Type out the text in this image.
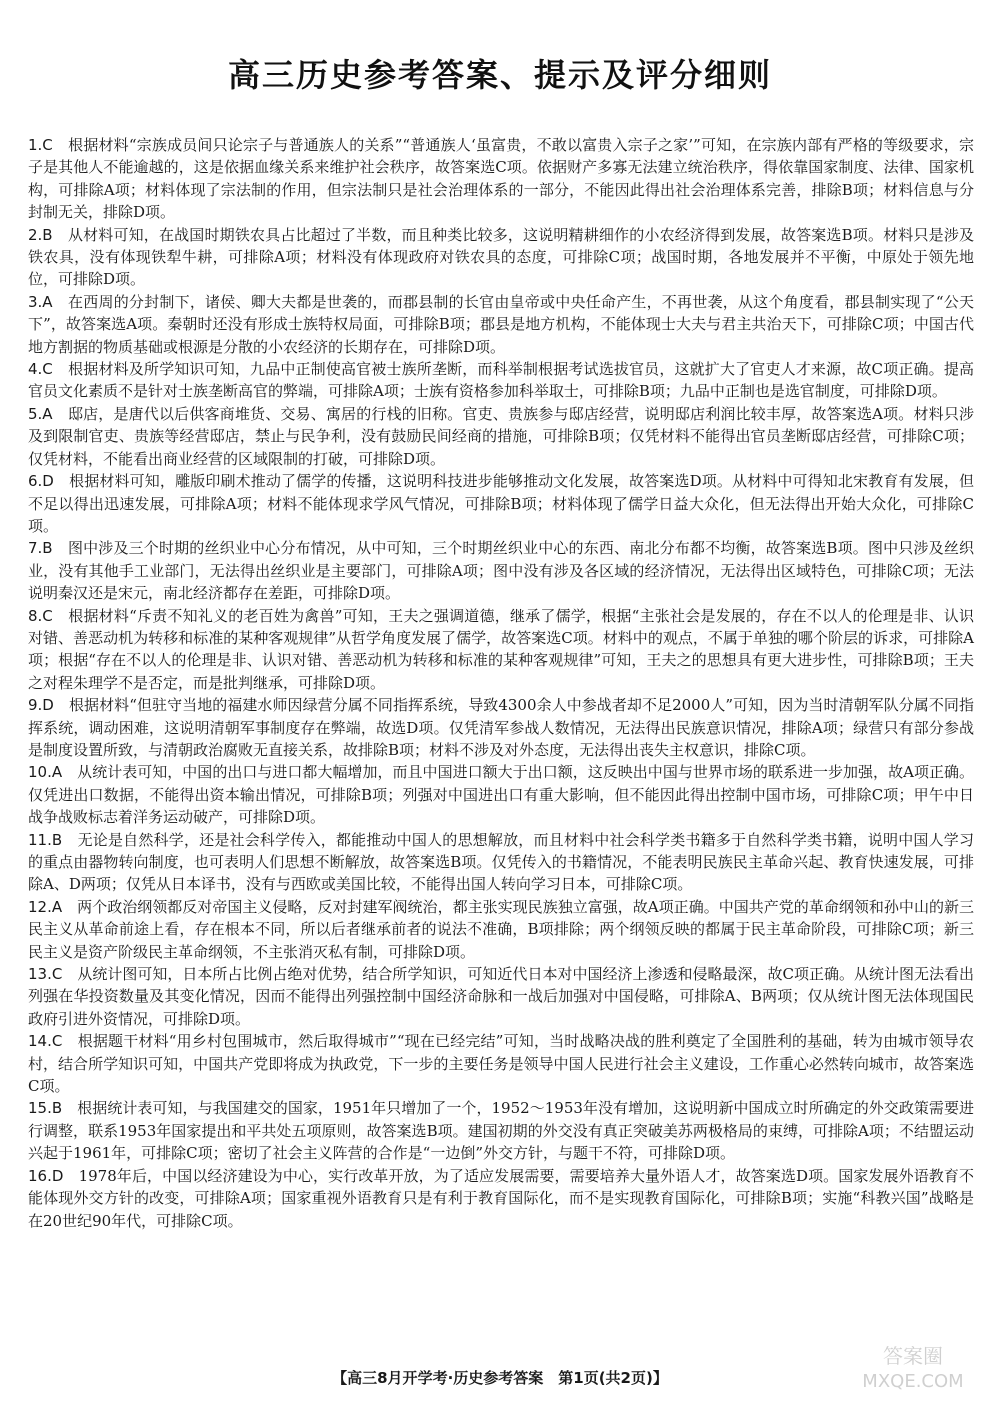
高三历史参考答案、提示及评分细则

1.C　 根据材料“宗族成员间只论宗子与普通族人的关系”“普通族人‘虽富贵，不敢以富贵入宗子之家’”可知，在宗族内部有严格的等级要求，宗子是其他人不能逾越的，这是依据血缘关系来维护社会秩序，故答案选C项。依据财产多寡无法建立统治秩序，得依靠国家制度、法律、国家机构，可排除A项；材料体现了宗法制的作用，但宗法制只是社会治理体系的一部分，不能因此得出社会治理体系完善，排除B项；材料信息与分封制无关，排除D项。

2.B　 从材料可知，在战国时期铁农具占比超过了半数，而且种类比较多，这说明精耕细作的小农经济得到发展，故答案选B项。材料只是涉及铁农具，没有体现铁犁牛耕，可排除A项；材料没有体现政府对铁农具的态度，可排除C项；战国时期，各地发展并不平衡，中原处于领先地位，可排除D项。

3.A　 在西周的分封制下，诸侯、卿大夫都是世袭的，而郡县制的长官由皇帝或中央任命产生，不再世袭，从这个角度看，郡县制实现了“公天下”，故答案选A项。秦朝时还没有形成士族特权局面，可排除B项；郡县是地方机构，不能体现士大夫与君主共治天下，可排除C项；中国古代地方割据的物质基础或根源是分散的小农经济的长期存在，可排除D项。

4.C　 根据材料及所学知识可知，九品中正制使高官被士族所垄断，而科举制根据考试选拔官员，这就扩大了官吏人才来源，故C项正确。提高官员文化素质不是针对士族垄断高官的弊端，可排除A项；士族有资格参加科举取士，可排除B项；九品中正制也是选官制度，可排除D项。

5.A　 邸店，是唐代以后供客商堆货、交易、寓居的行栈的旧称。官吏、贵族参与邸店经营，说明邸店利润比较丰厚，故答案选A项。材料只涉及到限制官吏、贵族等经营邸店，禁止与民争利，没有鼓励民间经商的措施，可排除B项；仅凭材料不能得出官员垄断邸店经营，可排除C项；仅凭材料，不能看出商业经营的区域限制的打破，可排除D项。

6.D　 根据材料可知，雕版印刷术推动了儒学的传播，这说明科技进步能够推动文化发展，故答案选D项。从材料中可得知北宋教育有发展，但不足以得出迅速发展，可排除A项；材料不能体现求学风气情况，可排除B项；材料体现了儒学日益大众化，但无法得出开始大众化，可排除C项。

7.B　 图中涉及三个时期的丝织业中心分布情况，从中可知，三个时期丝织业中心的东西、南北分布都不均衡，故答案选B项。图中只涉及丝织业，没有其他手工业部门，无法得出丝织业是主要部门，可排除A项；图中没有涉及各区域的经济情况，无法得出区域特色，可排除C项；无法说明秦汉还是宋元，南北经济都存在差距，可排除D项。

8.C　 根据材料“斥责不知礼义的老百姓为禽兽”可知，王夫之强调道德，继承了儒学，根据“主张社会是发展的，存在不以人的伦理是非、认识对错、善恶动机为转移和标准的某种客观规律”从哲学角度发展了儒学，故答案选C项。材料中的观点，不属于单独的哪个阶层的诉求，可排除A项；根据“存在不以人的伦理是非、认识对错、善恶动机为转移和标准的某种客观规律”可知，王夫之的思想具有更大进步性，可排除B项；王夫之对程朱理学不是否定，而是批判继承，可排除D项。

9.D　 根据材料“但驻守当地的福建水师因绿营分属不同指挥系统，导致4300余人中参战者却不足2000人”可知，因为当时清朝军队分属不同指挥系统，调动困难，这说明清朝军事制度存在弊端，故选D项。仅凭清军参战人数情况，无法得出民族意识情况，排除A项；绿营只有部分参战是制度设置所致，与清朝政治腐败无直接关系，故排除B项；材料不涉及对外态度，无法得出丧失主权意识，排除C项。

10.A　 从统计表可知，中国的出口与进口都大幅增加，而且中国进口额大于出口额，这反映出中国与世界市场的联系进一步加强，故A项正确。仅凭进出口数据，不能得出资本输出情况，可排除B项；列强对中国进出口有重大影响，但不能因此得出控制中国市场，可排除C项；甲午中日战争战败标志着洋务运动破产，可排除D项。

11.B　 无论是自然科学，还是社会科学传入，都能推动中国人的思想解放，而且材料中社会科学类书籍多于自然科学类书籍，说明中国人学习的重点由器物转向制度，也可表明人们思想不断解放，故答案选B项。仅凭传入的书籍情况，不能表明民族民主革命兴起、教育快速发展，可排除A、D两项；仅凭从日本译书，没有与西欧或美国比较，不能得出国人转向学习日本，可排除C项。

12.A　 两个政治纲领都反对帝国主义侵略，反对封建军阀统治，都主张实现民族独立富强，故A项正确。中国共产党的革命纲领和孙中山的新三民主义从革命前途上看，存在根本不同，所以后者继承前者的说法不准确，B项排除；两个纲领反映的都属于民主革命阶段，可排除C项；新三民主义是资产阶级民主革命纲领，不主张消灭私有制，可排除D项。

13.C　 从统计图可知，日本所占比例占绝对优势，结合所学知识，可知近代日本对中国经济上渗透和侵略最深，故C项正确。从统计图无法看出列强在华投资数量及其变化情况，因而不能得出列强控制中国经济命脉和一战后加强对中国侵略，可排除A、B两项；仅从统计图无法体现国民政府引进外资情况，可排除D项。

14.C　 根据题干材料“用乡村包围城市，然后取得城市”“现在已经完结”可知，当时战略决战的胜利奠定了全国胜利的基础，转为由城市领导农村，结合所学知识可知，中国共产党即将成为执政党，下一步的主要任务是领导中国人民进行社会主义建设，工作重心必然转向城市，故答案选C项。

15.B　 根据统计表可知，与我国建交的国家，1951年只增加了一个，1952～1953年没有增加，这说明新中国成立时所确定的外交政策需要进行调整，联系1953年国家提出和平共处五项原则，故答案选B项。建国初期的外交没有真正突破美苏两极格局的束缚，可排除A项；不结盟运动兴起于1961年，可排除C项；密切了社会主义阵营的合作是“一边倒”外交方针，与题干不符，可排除D项。

16.D　 1978年后，中国以经济建设为中心，实行改革开放，为了适应发展需要，需要培养大量外语人才，故答案选D项。国家发展外语教育不能体现外交方针的改变，可排除A项；国家重视外语教育只是有利于教育国际化，而不是实现教育国际化，可排除B项；实施“科教兴国”战略是在20世纪90年代，可排除C项。

【高三8月开学考·历史参考答案　第1页(共2页)】
答案圈
MXQE.COM
